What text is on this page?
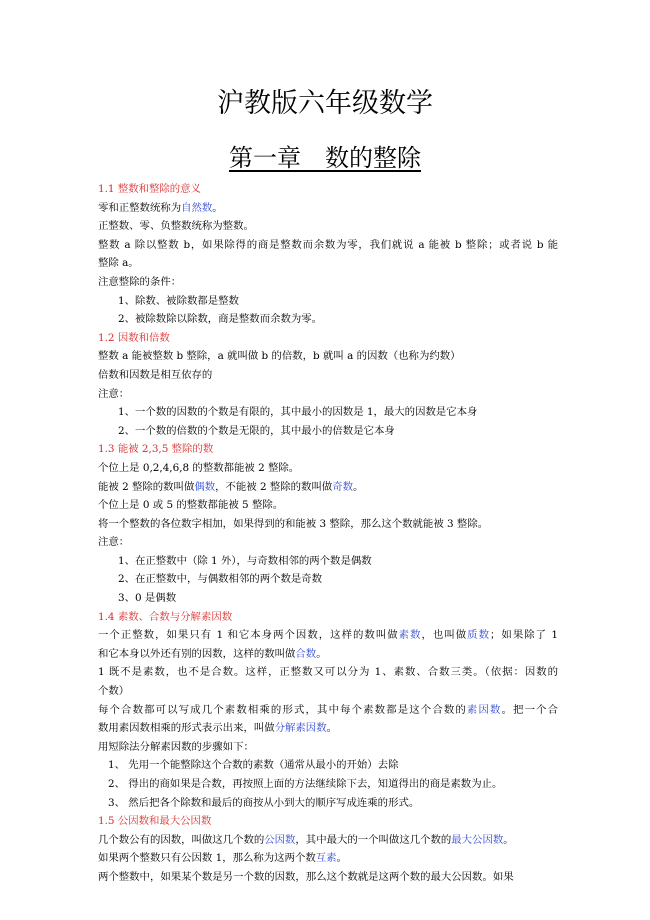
沪教版六年级数学
第一章　数的整除
1.1 整数和整除的意义
零和正整数统称为自然数。
正整数、零、负整数统称为整数。
整数 a 除以整数 b，如果除得的商是整数而余数为零，我们就说 a 能被 b 整除；或者说 b 能
整除 a。
注意整除的条件：
1、除数、被除数都是整数
2、被除数除以除数，商是整数而余数为零。
1.2 因数和倍数
整数 a 能被整数 b 整除，a 就叫做 b 的倍数，b 就叫 a 的因数（也称为约数）
倍数和因数是相互依存的
注意：
1、一个数的因数的个数是有限的，其中最小的因数是 1，最大的因数是它本身
2、一个数的倍数的个数是无限的，其中最小的倍数是它本身
1.3 能被 2,3,5 整除的数
个位上是 0,2,4,6,8 的整数都能被 2 整除。
能被 2 整除的数叫做偶数，不能被 2 整除的数叫做奇数。
个位上是 0 或 5 的整数都能被 5 整除。
将一个整数的各位数字相加，如果得到的和能被 3 整除，那么这个数就能被 3 整除。
注意：
1、在正整数中（除 1 外），与奇数相邻的两个数是偶数
2、在正整数中，与偶数相邻的两个数是奇数
3、0 是偶数
1.4 素数、合数与分解素因数
一个正整数，如果只有 1 和它本身两个因数，这样的数叫做素数，也叫做质数；如果除了 1
和它本身以外还有别的因数，这样的数叫做合数。
1 既不是素数，也不是合数。这样，正整数又可以分为 1、素数、合数三类。（依据：因数的
个数）
每个合数都可以写成几个素数相乘的形式，其中每个素数都是这个合数的素因数。把一个合
数用素因数相乘的形式表示出来，叫做分解素因数。
用短除法分解素因数的步骤如下：
1、 先用一个能整除这个合数的素数（通常从最小的开始）去除
2、 得出的商如果是合数，再按照上面的方法继续除下去，知道得出的商是素数为止。
3、 然后把各个除数和最后的商按从小到大的顺序写成连乘的形式。
1.5 公因数和最大公因数
几个数公有的因数，叫做这几个数的公因数，其中最大的一个叫做这几个数的最大公因数。
如果两个整数只有公因数 1，那么称为这两个数互素。
两个整数中，如果某个数是另一个数的因数，那么这个数就是这两个数的最大公因数。如果
